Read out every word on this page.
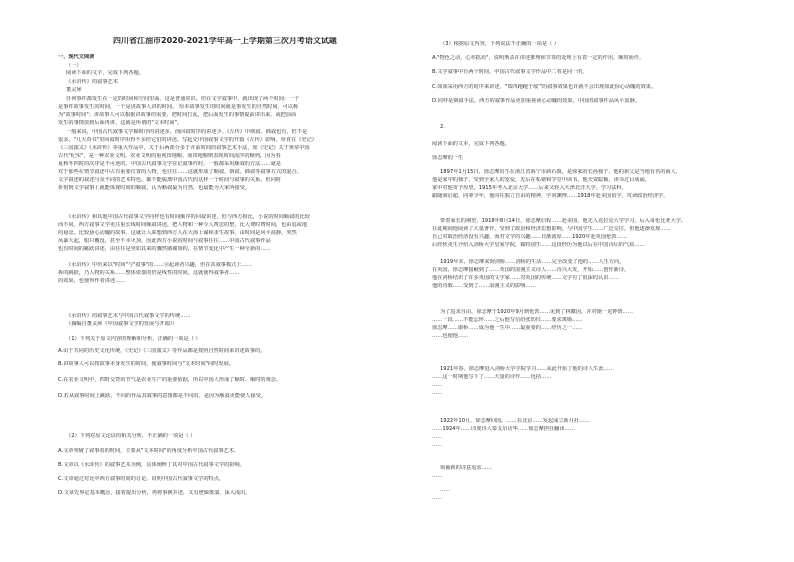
四川省江油市2020-2021学年高一上学期第三次月考语文试题
一、现代文阅读
（一）
阅读下面的文字，完成下列各题。
《水浒传》的叙事艺术
董灵犀
任何事件都发生在一定的时间和空间里面。这是普通常识。但在文学叙事中，就出现了两个时间：一个
是事件故事发生的时间，一个是讲故事人讲的时间。 厚本故事发生的时间就是事发生的自然时间，可以称
为"故事时间"；讲故事人可以根据讲故事的需要，把时间打乱，把后面发生的事情提前讲出来，或把前面
发生的事情放到后面再讲，这就是所谓的"文本时间"。
一般来说，中国古代叙事文学顺时序的讲述多，而回叙时序的讲述少。《左传》中倒叙、插叙也有，但不是
很多，"几大奇书"里回叙时序用得不多但它们的讲述，写起交中国叙事文学的开篇《左传》影响。章直在《史记》
《三国演义》《水浒传》等重大作品中，关于后两部分多于并前时间的叙事艺术手法，如《史记》关于黄帝中国
古代"纪实"，是一种农业文明。农业文明的重视田地粮，而田地粮则表现时间流序的顺列，因为春
夏秋冬四时的次序是不可逆的。中国古代叙事文学在记叙事件时，一般都采用顺叙的方法……就是
对于那些在情节叙述中占有重要位置的人物，也往往……这就形成了顺叙、倒叙、插叙等叙事方式的混合。
文字叙述的叙述与众不同的艺术特色，都不能脱离中国古代的这样一个时间与叙事的关系。但同时
折射到文学叙事上就能体现时间的顺叙，认为顺叙最为自然，也最能为大家所接受。
《水浒传》和其他中国古代叙事文学同样也有时间顺序的回叙讲述，但与西方相比，小说的时间顺叙的比较
而不同。西方叙事文学更注重长线时间顺叙讲述，把人物和一种令人费思的整，比人费时费时间，也由追或地
的悬念。比较悬心动魄的故事。这就让人联想到西方人在大海上谋和求生故事。由时间是风平浪静，突然
风暴大起，船只覆没，甚至不幸灭顶，因此西方小说的时间与叙事往往……中国古代叙事作品
也有时间的跳跃讲述，由往往是突如其来的骤然感谢如约，在情节变化中产生一种全新的……
《水浒传》中历来以"时间"与"叙事"的……引起读者兴趣，但在其叙事模式上……
拆的跳跃，乃人物的关系……整体依靠的仍是线性的时间。这就使得叙事者……
的效果，也使得作者讲述……
《水浒传》的叙事艺术与中国古代叙事文学的传统……
（摘编自董灵犀《中国叙事文学的发展与开端》）
（1）下列关于原文内容的理解和分析，正确的一项是（ ）
A.由于共同的历史文化传统，《史记》《三国演义》等作品都是按照自然时间来讲述故事的。
B.讲故事人可以按故事本身发生的时间，使叙事时间与"文本时间"同时发展。
C.在农业文明中，四时交替的节气是农业生产的重要依据，所以中国人形成了顺时、顺时的观念。
D.若从叙事时间上跳跃，不同的作品其叙事的意图都是不同的，是因为顺叙更能使人接受。
（2）下列对原文论证的相关分析，不正确的一项是（ ）
A.文章突破了叙事者的时间，主要从"文本时间"的角度分析中国古代叙事艺术。
B.文章以《水浒传》的叙事艺术为例，具体阐释了其对中国古代叙事文学的影响。
C.文章通过对比中西方叙事时间的讨论，说明中国古代叙事文学的特点。
D.文章先界定基本概念，接着提出分析，再将事例并述，又有逻辑推演，深入浅出。
（3）根据原文内容，下列说法不正确的一项是（ ）
A."物色之动，心亦摇焉"，说明刑杀在讲述推理和节奏的处理上有着一定的作用，顺时而作。
B.文学叙事中有两个时间，中国古代叙事文学作品中二者是同一的。
C.如果采用西方的时序来讲述，"郑四跑跑于敌'"的叙事效果也许就不会出现如此惊心动魄的效果。
D.同样是倒叙手法，西方的叙事作品更加重视读心动魄的效果，中国的叙事作品风平浪静。
2.
阅读下面的文本，完成下列各题。
徐志摩的一生
1897年1月15日，徐志摩出生在浙江省海宁市硖石镇，是徐家的长孙独子，他的祖父是当地有名的商人，
他是家中的独子，受到全家人的宠爱，先后在私塾和学堂中读书。他天资聪颖，读书过目成诵，
家中对他寄予厚望，1915年考入北京大学……后来又转入天津北洋大学，学习法科。
跟随梁启超、同辈少年，他向往独立自由的精神，学问渊博……1918年赴美国留学，攻读政治经济学。
带着家长的期望，1918年8月14日，徐志摩启程……赴美国，他先入克拉克大学学习，后入哥伦比亚大学。
在此期间他阅读了大量著作，受到了政治和经济思想影响，与中国学生……广泛交往，但他逐渐发现……
自己对政治经济没有兴趣，而对文学的兴趣……日渐浓厚……1920年赴英国伦敦……
后经狄更生介绍入剑桥大学皇家学院，做特别生……这段经历为他以后在中国诗坛的气质……
1919年末，徐志摩来到剑桥……剑桥的生活……完全改变了他的……人生方向。
在英国，徐志摩接触到了……英国的浪漫主义诗人……诗兴大发，开始……创作新诗。
他在剑桥结识了许多英国的文学家……对英国的传统……文学有了很深的认识……
他的诗歌……受到了……浪漫主义的影响……
为了追求自由，徐志摩于1920年9月到伦敦……见到了林徽因，并对她一见钟情……
……一段……不能忘怀……之后他写信给张幼仪……要求离婚……
徐志摩……康桥……成为他一生中……最重要的……经历之一……
……也使他……
1921年春，徐志摩进入剑桥大学学院学习……从此开始了他的诗人生涯……
……这一时期他写下了……大量的诗作……包括……
……
……
1922年10月，徐志摩回国。……在北京……发起成立新月社……
……1924年……印度诗人泰戈尔访华……徐志摩担任翻译……
……
……
领袖新的诗意追求……
……
……
……
